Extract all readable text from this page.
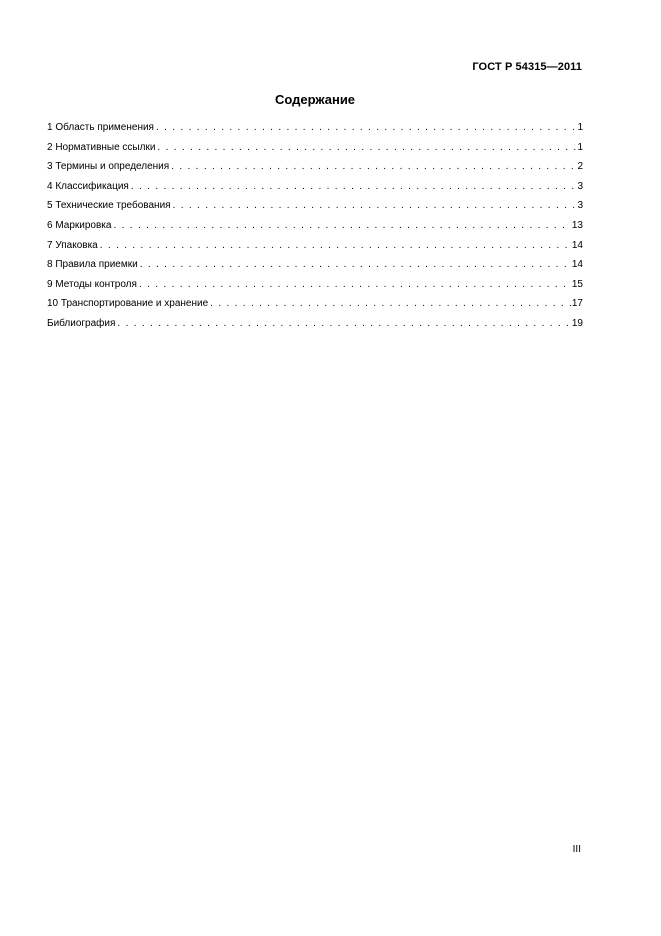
ГОСТ Р 54315—2011
Содержание
1 Область применения . . .	1
2 Нормативные ссылки . . .	1
3 Термины и определения . . .	2
4 Классификация . . .	3
5 Технические требования . . .	3
6 Маркировка . . .	13
7 Упаковка . . .	14
8 Правила приемки . . .	14
9 Методы контроля . . .	15
10 Транспортирование и хранение . . .	17
Библиография . . .	19
III
